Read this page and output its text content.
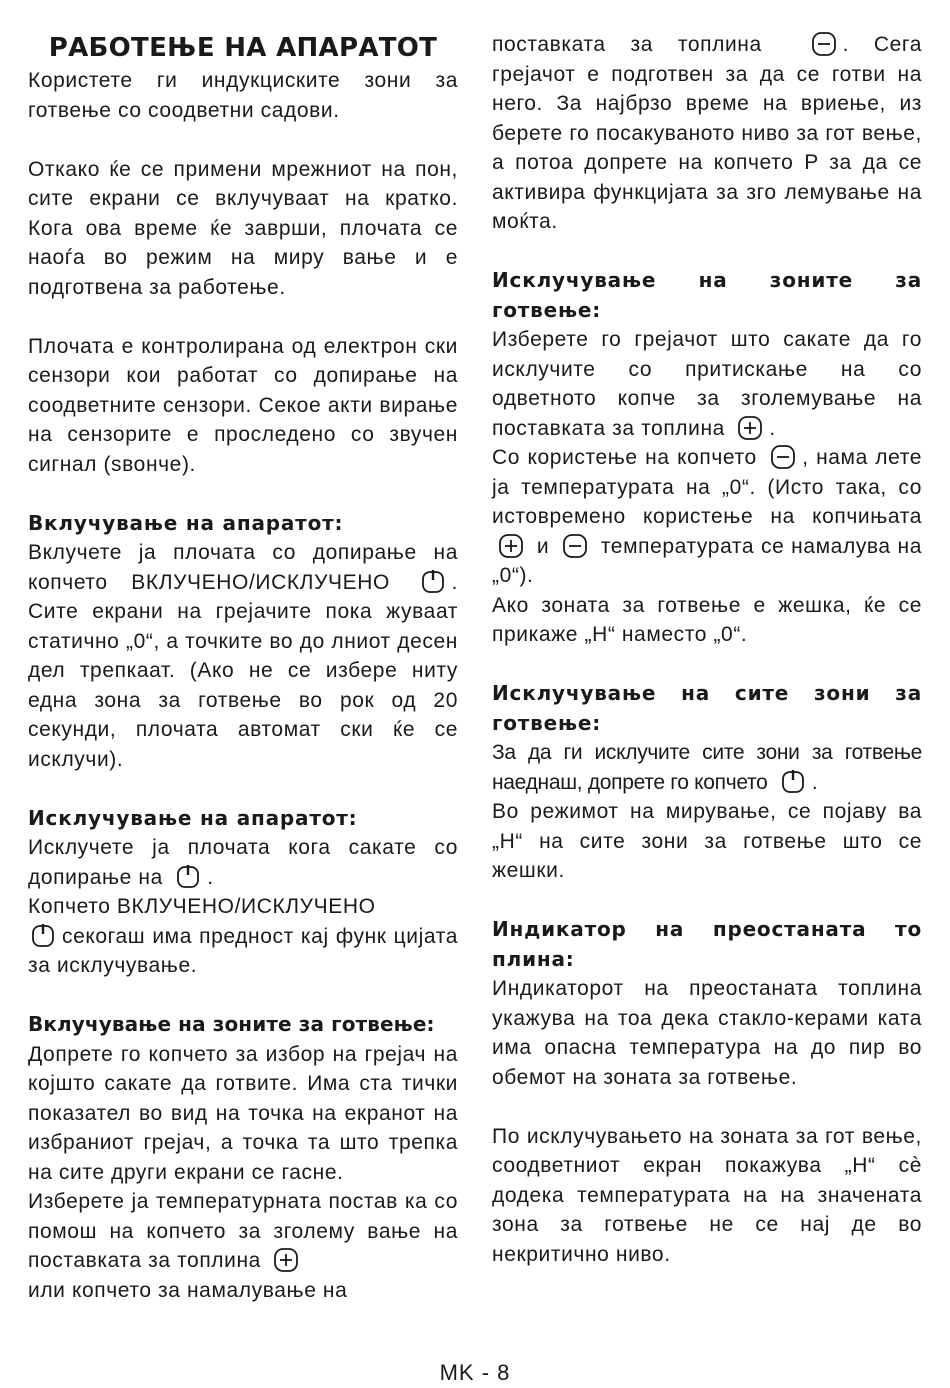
РАБОТЕЊЕ НА АПАРАТОТ

Користете ги индукциските зони за готвење со соодветни садови.

Откако ќе се примени мрежниот на пон, сите екрани се вклучуваат на кратко. Кога ова време ќе заврши, плочата се наоѓа во режим на миру вање и е подготвена за работење.

Плочата е контролирана од електрон ски сензори кои работат со допирање на соодветните сензори. Секое акти вирање на сензорите е проследено со звучен сигнал (ѕвонче).

Вклучување на апаратот:

Вклучете ја плочата со допирање на копчето ВКЛУЧЕНО/ИСКЛУЧЕНО	. Сите екрани на грејачите пока жуваат статично „0“, а точките во до лниот десен дел трепкаат. (Ако не се избере ниту една зона за готвење во рок од 20 секунди, плочата автомат ски ќе се исклучи).

Исклучување на апаратот:

Исклучете ја плочата кога сакате со допирање на .
Копчето ВКЛУЧЕНО/ИСКЛУЧЕНО

секогаш има предност кај функ цијата за исклучување.

Вклучување на зоните за готвење:

Допрете го копчето за избор на грејач на којшто сакате да готвите. Има ста тички показател во вид на точка на екранот на избраниот грејач, а точка та што трепка на сите други екрани се гасне.

Изберете ја температурната постав ка со помош на копчето за зголему вање на поставката за топлина

или копчето за намалување на

поставката за топлина	. Сега грејачот е подготвен за да се готви на него. За најбрзо време на вриење, из берете го посакуваното ниво за гот вење, а потоа допрете на копчето P за да се активира функцијата за зго лемување на моќта.

Исклучување на зоните за готвење:

Изберете го грејачот што сакате да го исклучите со притискање на со одветното копче за зголемување на поставката за топлина .
Со користење на копчето , нама лете ја температурата на „0“. (Исто така, со истовремено користење на копчињата
и температурата се намалува на „0“).

Ако зоната за готвење е жешка, ќе се прикаже „H“ наместо „0“.

Исклучување на сите зони за готвење:

За да ги исклучите сите зони за готвење наеднаш, допрете го копчето .
Во режимот на мирување, се појаву ва „H“ на сите зони за готвење што се жешки.

Индикатор на преостаната то плина:

Индикаторот на преостаната топлина укажува на тоа дека стакло-керами ката има опасна температура на до пир во обемот на зоната за готвење.

По исклучувањето на зоната за гот вење, соодветниот екран покажува „H“ сè додека температурата на на значената зона за готвење не се нај де во некритично ниво.

MK - 8
